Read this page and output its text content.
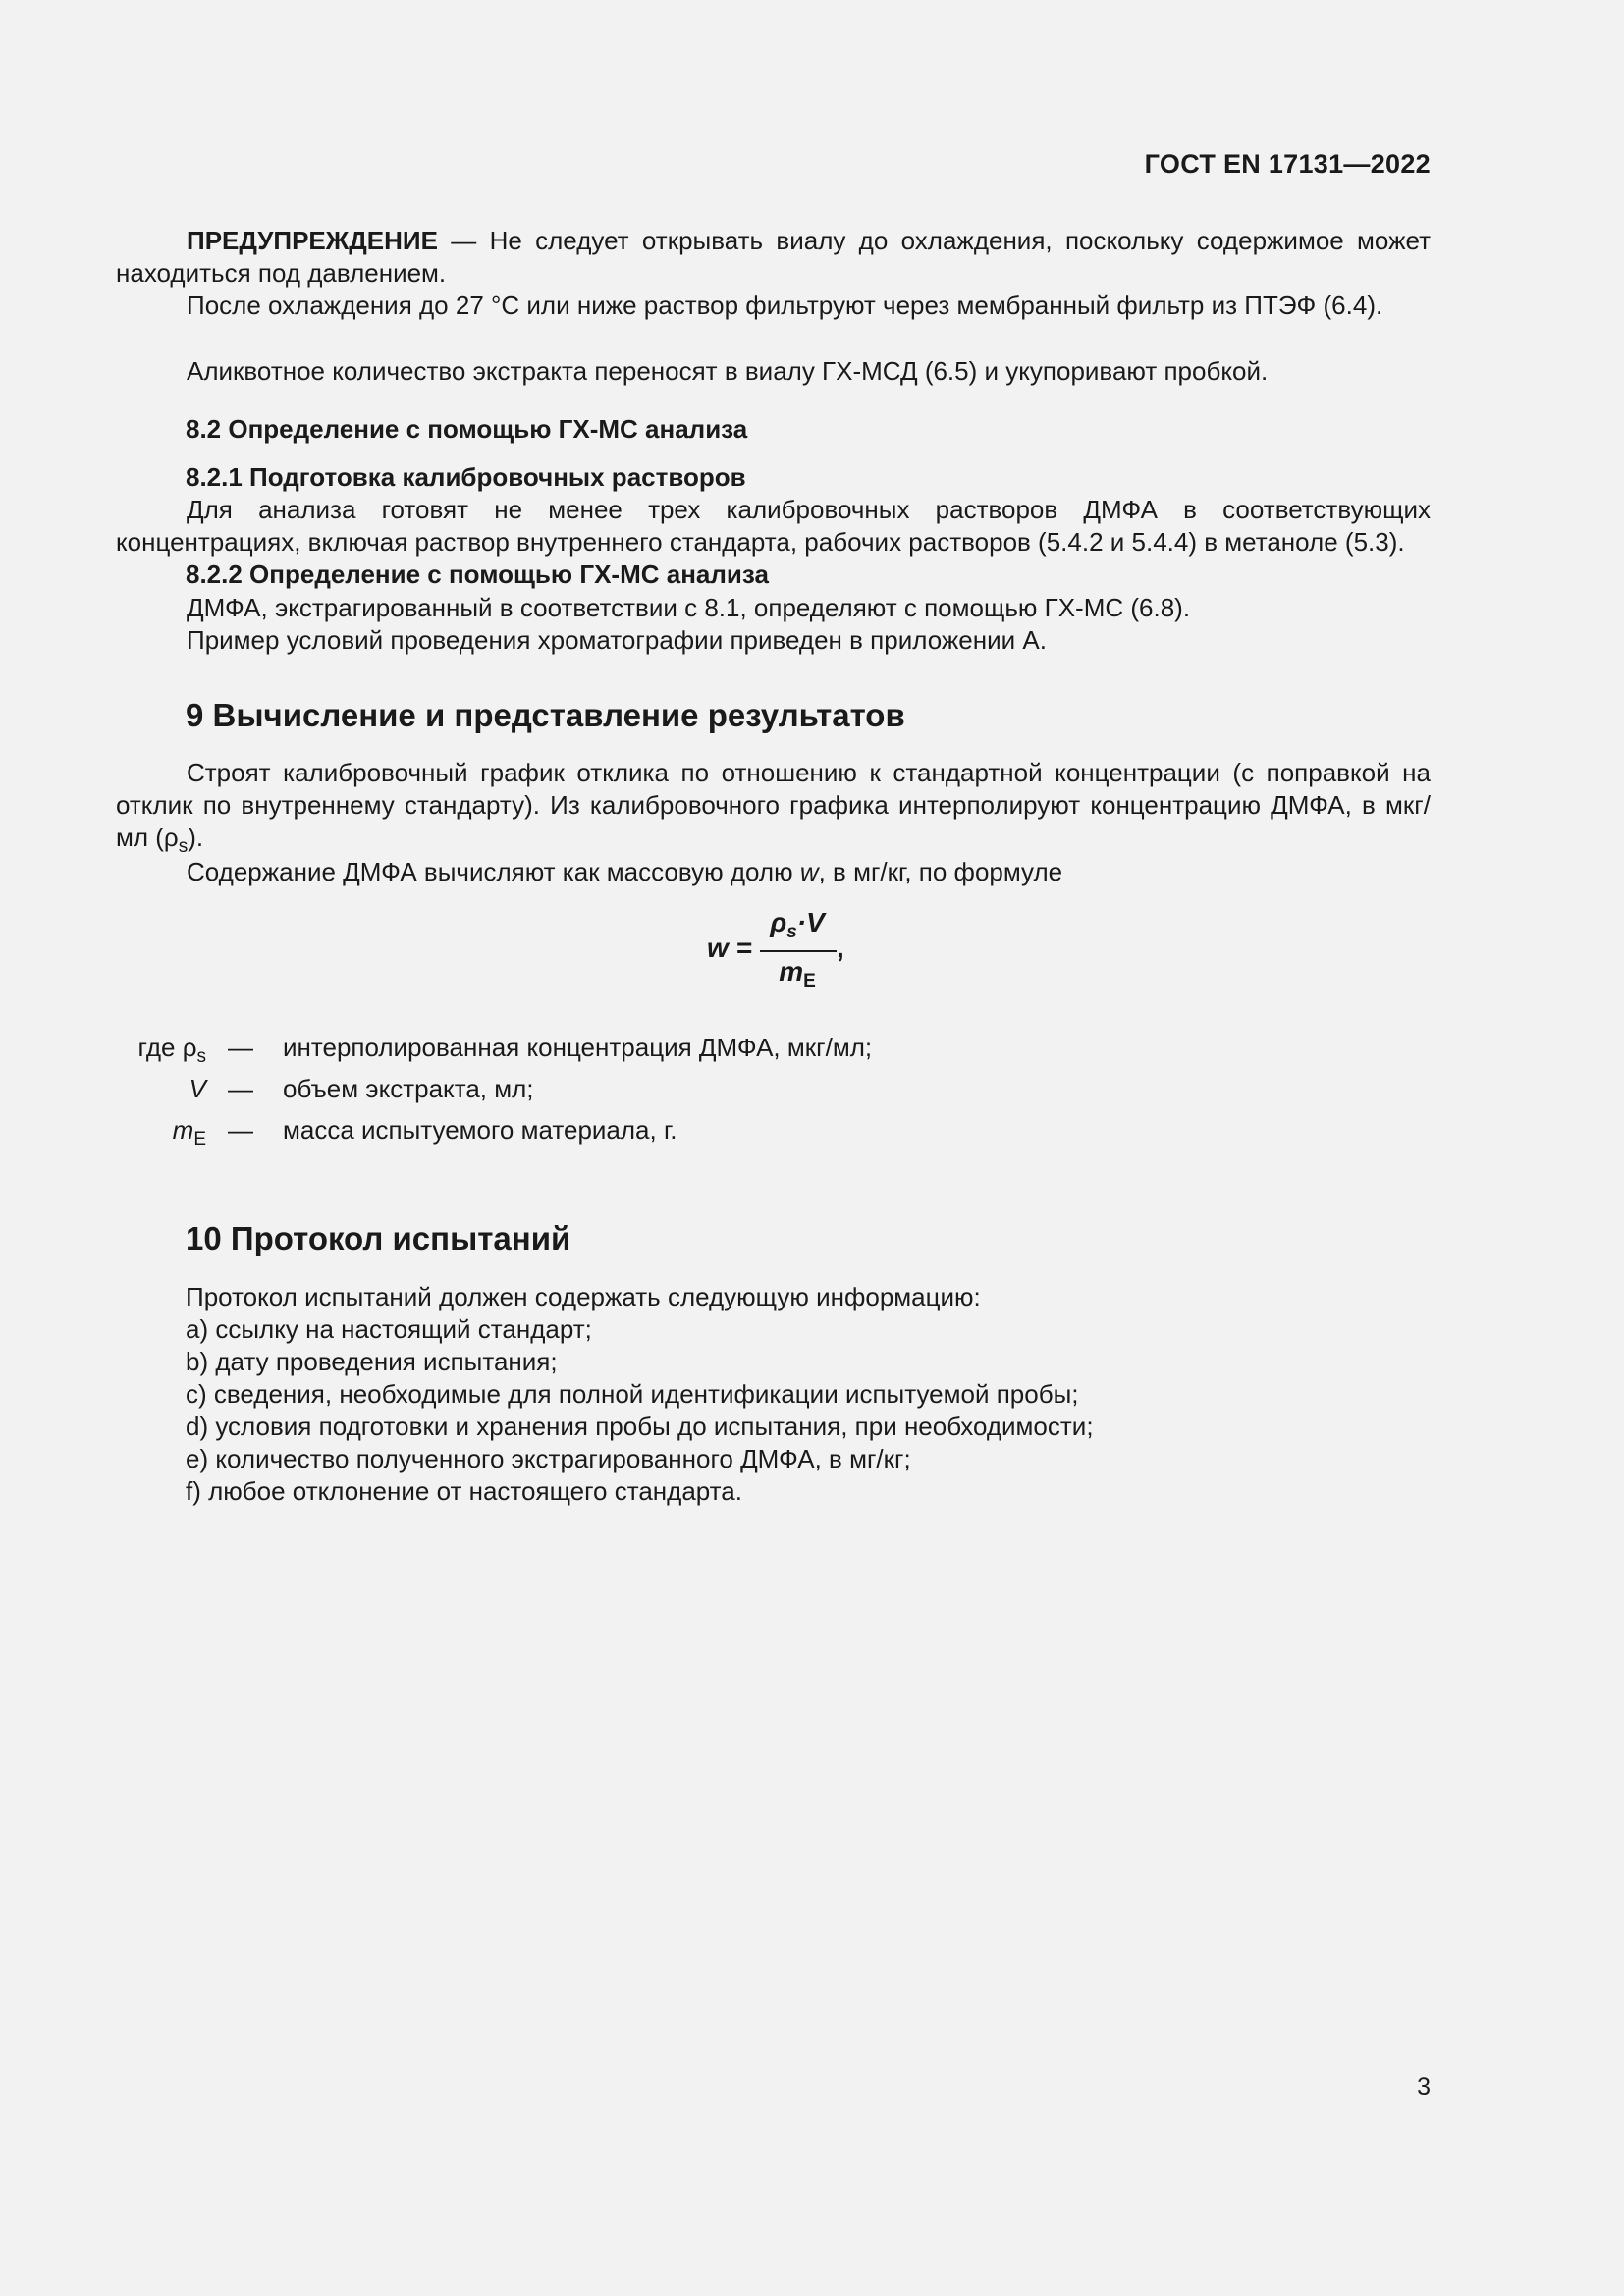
ГОСТ EN 17131—2022

ПРЕДУПРЕЖДЕНИЕ — Не следует открывать виалу до охлаждения, поскольку содержимое может находиться под давлением.

После охлаждения до 27 °С или ниже раствор фильтруют через мембранный фильтр из ПТЭФ (6.4).

Аликвотное количество экстракта переносят в виалу ГХ-МСД (6.5) и укупоривают пробкой.

8.2 Определение с помощью ГХ-МС анализа
8.2.1 Подготовка калибровочных растворов

Для анализа готовят не менее трех калибровочных растворов ДМФА в соответствующих концентрациях, включая раствор внутреннего стандарта, рабочих растворов (5.4.2 и 5.4.4) в метаноле (5.3).

8.2.2 Определение с помощью ГХ-МС анализа

ДМФА, экстрагированный в соответствии с 8.1, определяют с помощью ГХ-МС (6.8).

Пример условий проведения хроматографии приведен в приложении А.

9 Вычисление и представление результатов

Строят калибровочный график отклика по отношению к стандартной концентрации (с поправкой на отклик по внутреннему стандарту). Из калибровочного графика интерполируют концентрацию ДМФА, в мкг/мл $(\rho_s)$.

Содержание ДМФА вычисляют как массовую долю w, в мг/кг, по формуле

w =
$\rho_s\cdot V$
$m_E$
,
где $\rho_s$ — интерполированная концентрация ДМФА, мкг/мл;
V — объем экстракта, мл;
$m_E$ — масса испытуемого материала, г.
10 Протокол испытаний
Протокол испытаний должен содержать следующую информацию:
a) ссылку на настоящий стандарт;
b) дату проведения испытания;
c) сведения, необходимые для полной идентификации испытуемой пробы;
d) условия подготовки и хранения пробы до испытания, при необходимости;
e) количество полученного экстрагированного ДМФА, в мг/кг;
f) любое отклонение от настоящего стандарта.
3
